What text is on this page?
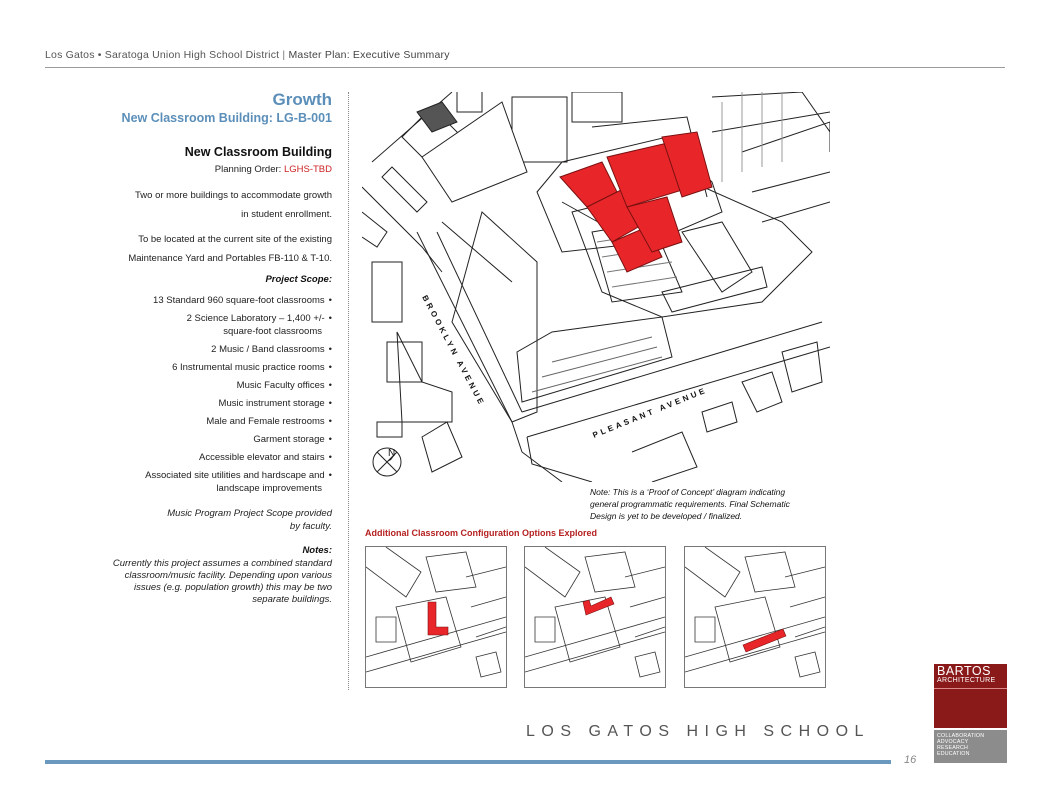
Los Gatos • Saratoga Union High School District | Master Plan: Executive Summary
Growth
New Classroom Building: LG-B-001
New Classroom Building
Planning Order: LGHS-TBD
Two or more buildings to accommodate growth
in student enrollment.
To be located at the current site of the existing
Maintenance Yard and Portables FB-110 & T-10.
Project Scope:
13 Standard 960 square-foot classrooms •
2 Science Laboratory – 1,400 +/- •
square-foot classrooms
2 Music / Band classrooms •
6 Instrumental music practice rooms •
Music Faculty offices •
Music instrument storage •
Male and Female restrooms •
Garment storage •
Accessible elevator and stairs •
Associated site utilities and hardscape and •
landscape improvements
Music Program Project Scope provided
by faculty.
Notes:
Currently this project assumes a combined standard
classroom/music facility. Depending upon various
issues (e.g. population growth) this may be two
separate buildings.
BROOKLYN AVENUE
PLEASANT AVENUE
N
Note: This is a ‘Proof of Concept’ diagram indicating
general programmatic requirements. Final Schematic
Design is yet to be developed / finalized.
Additional Classroom Configuration Options Explored
LOS GATOS HIGH SCHOOL
16
BARTOS
ARCHITECTURE
COLLABORATION
ADVOCACY
RESEARCH
EDUCATION
